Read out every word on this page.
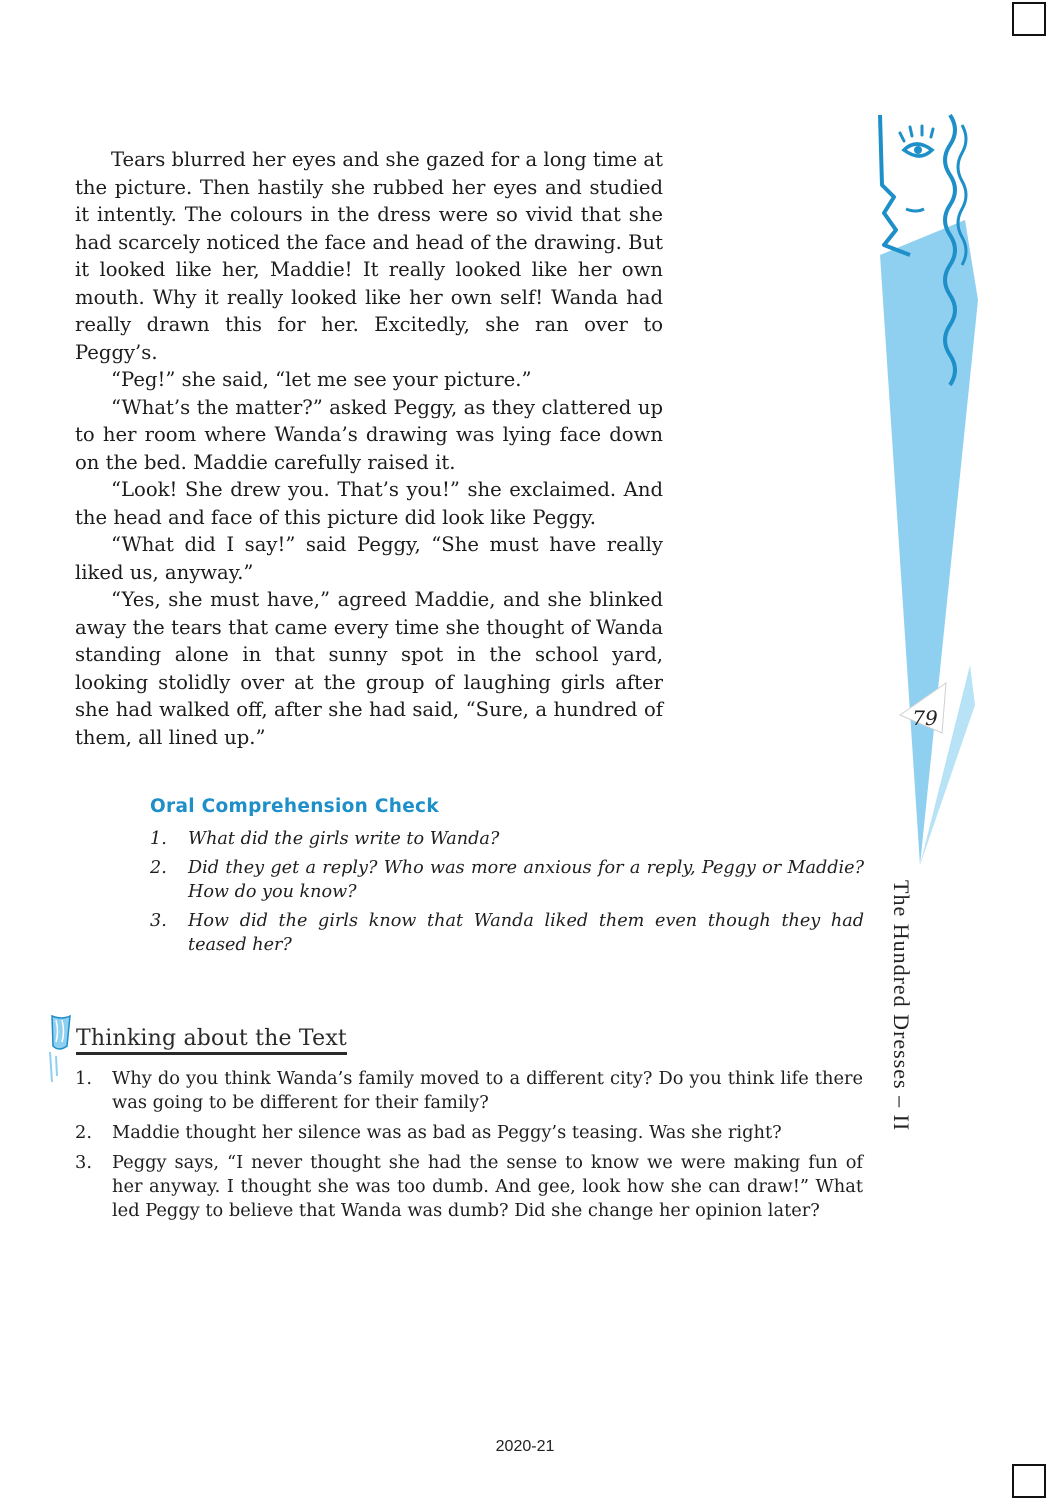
79
The Hundred Dresses – II

Tears blurred her eyes and she gazed for a long time at the picture. Then hastily she rubbed her eyes and studied it intently. The colours in the dress were so vivid that she had scarcely noticed the face and head of the drawing. But it looked like her, Maddie! It really looked like her own mouth. Why it really looked like her own self! Wanda had really drawn this for her. Excitedly, she ran over to Peggy’s.

“Peg!” she said, “let me see your picture.”

“What’s the matter?” asked Peggy, as they clattered up to her room where Wanda’s drawing was lying face down on the bed. Maddie carefully raised it.

“Look! She drew you. That’s you!” she exclaimed. And the head and face of this picture did look like Peggy.

“What did I say!” said Peggy, “She must have really liked us, anyway.”

“Yes, she must have,” agreed Maddie, and she blinked away the tears that came every time she thought of Wanda standing alone in that sunny spot in the school yard, looking stolidly over at the group of laughing girls after she had walked off, after she had said, “Sure, a hundred of them, all lined up.”

Oral Comprehension Check
1. What did the girls write to Wanda?
2. Did they get a reply? Who was more anxious for a reply, Peggy or Maddie? How do you know?
3. How did the girls know that Wanda liked them even though they had teased her?
Thinking about the Text
1. Why do you think Wanda’s family moved to a different city? Do you think life there was going to be different for their family?
2. Maddie thought her silence was as bad as Peggy’s teasing. Was she right?
3. Peggy says, “I never thought she had the sense to know we were making fun of her anyway. I thought she was too dumb. And gee, look how she can draw!” What led Peggy to believe that Wanda was dumb? Did she change her opinion later?
2020-21
